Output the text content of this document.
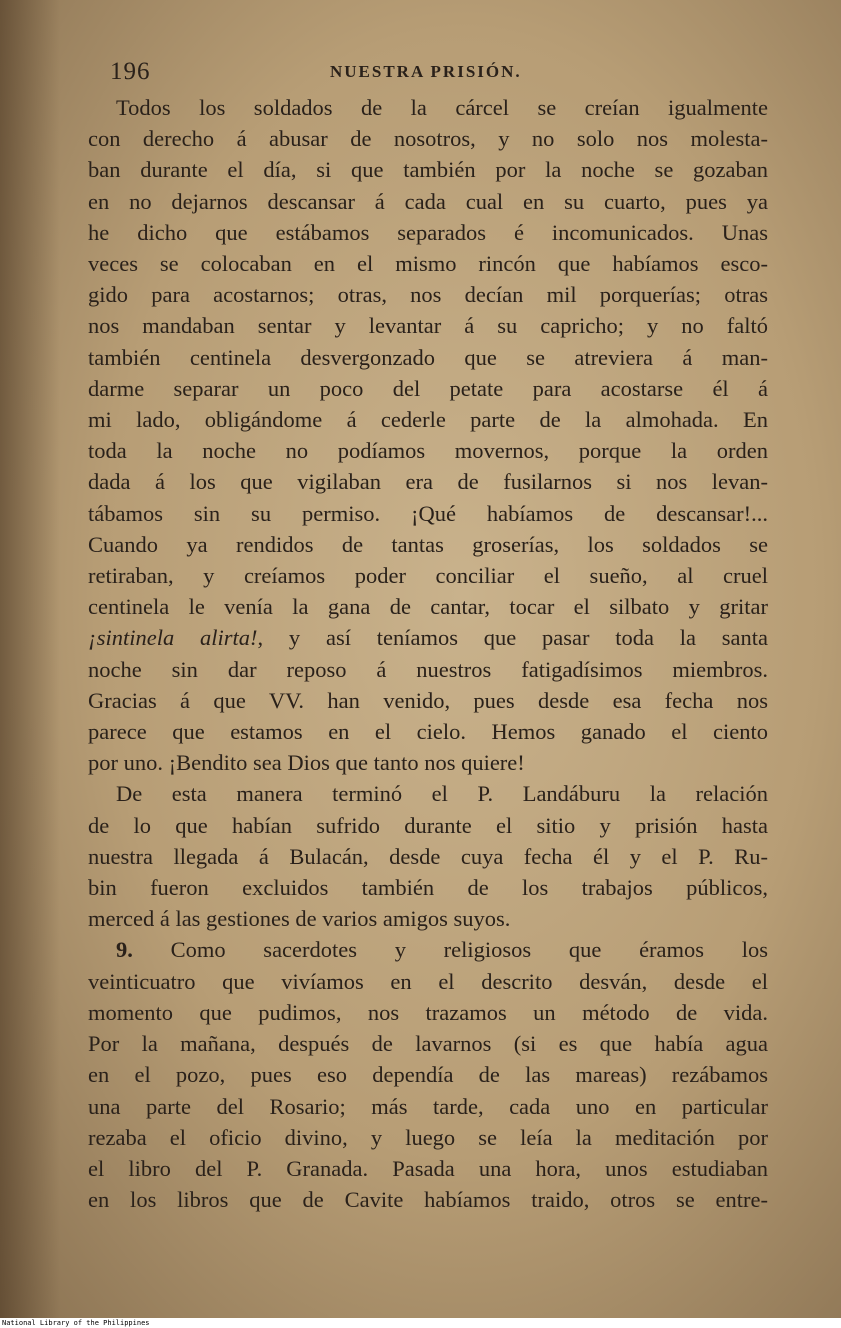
196	NUESTRA PRISIÓN.
Todos los soldados de la cárcel se creían igualmente
con derecho á abusar de nosotros, y no solo nos molesta-
ban durante el día, si que también por la noche se gozaban
en no dejarnos descansar á cada cual en su cuarto, pues ya
he dicho que estábamos separados é incomunicados. Unas
veces se colocaban en el mismo rincón que habíamos esco-
gido para acostarnos; otras, nos decían mil porquerías; otras
nos mandaban sentar y levantar á su capricho; y no faltó
también centinela desvergonzado que se atreviera á man-
darme separar un poco del petate para acostarse él á
mi lado, obligándome á cederle parte de la almohada. En
toda la noche no podíamos movernos, porque la orden
dada á los que vigilaban era de fusilarnos si nos levan-
tábamos sin su permiso. ¡Qué habíamos de descansar!...
Cuando ya rendidos de tantas groserías, los soldados se
retiraban, y creíamos poder conciliar el sueño, al cruel
centinela le venía la gana de cantar, tocar el silbato y gritar
¡sintinela alirta!, y así teníamos que pasar toda la santa
noche sin dar reposo á nuestros fatigadísimos miembros.
Gracias á que VV. han venido, pues desde esa fecha nos
parece que estamos en el cielo. Hemos ganado el ciento
por uno. ¡Bendito sea Dios que tanto nos quiere!
De esta manera terminó el P. Landáburu la relación
de lo que habían sufrido durante el sitio y prisión hasta
nuestra llegada á Bulacán, desde cuya fecha él y el P. Ru-
bin fueron excluidos también de los trabajos públicos,
merced á las gestiones de varios amigos suyos.
9. Como sacerdotes y religiosos que éramos los
veinticuatro que vivíamos en el descrito desván, desde el
momento que pudimos, nos trazamos un método de vida.
Por la mañana, después de lavarnos (si es que había agua
en el pozo, pues eso dependía de las mareas) rezábamos
una parte del Rosario; más tarde, cada uno en particular
rezaba el oficio divino, y luego se leía la meditación por
el libro del P. Granada. Pasada una hora, unos estudiaban
en los libros que de Cavite habíamos traido, otros se entre-
National Library of the Philippines
